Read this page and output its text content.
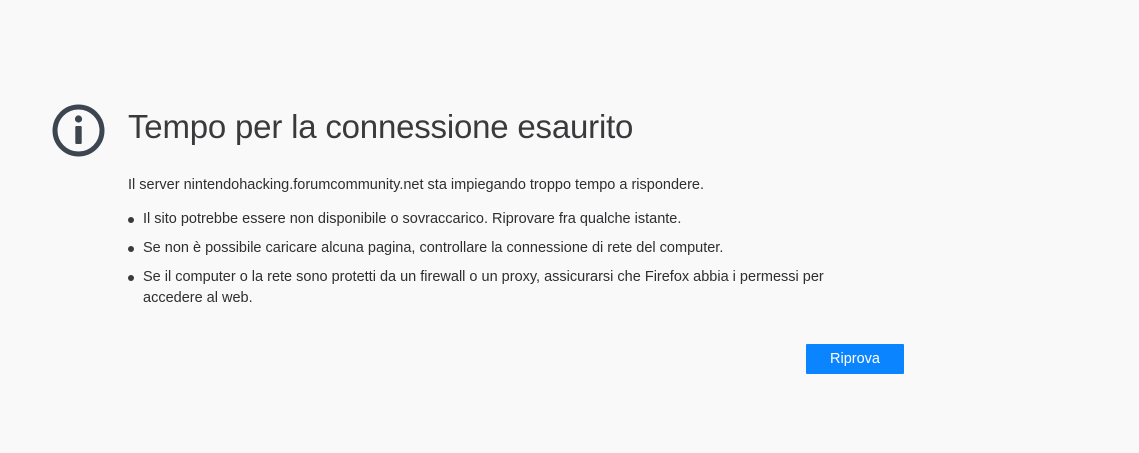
Tempo per la connessione esaurito

Il server nintendohacking.forumcommunity.net sta impiegando troppo tempo a rispondere.

Il sito potrebbe essere non disponibile o sovraccarico. Riprovare fra qualche istante.
Se non è possibile caricare alcuna pagina, controllare la connessione di rete del computer.
Se il computer o la rete sono protetti da un firewall o un proxy, assicurarsi che Firefox abbia i permessi per accedere al web.
Riprova
